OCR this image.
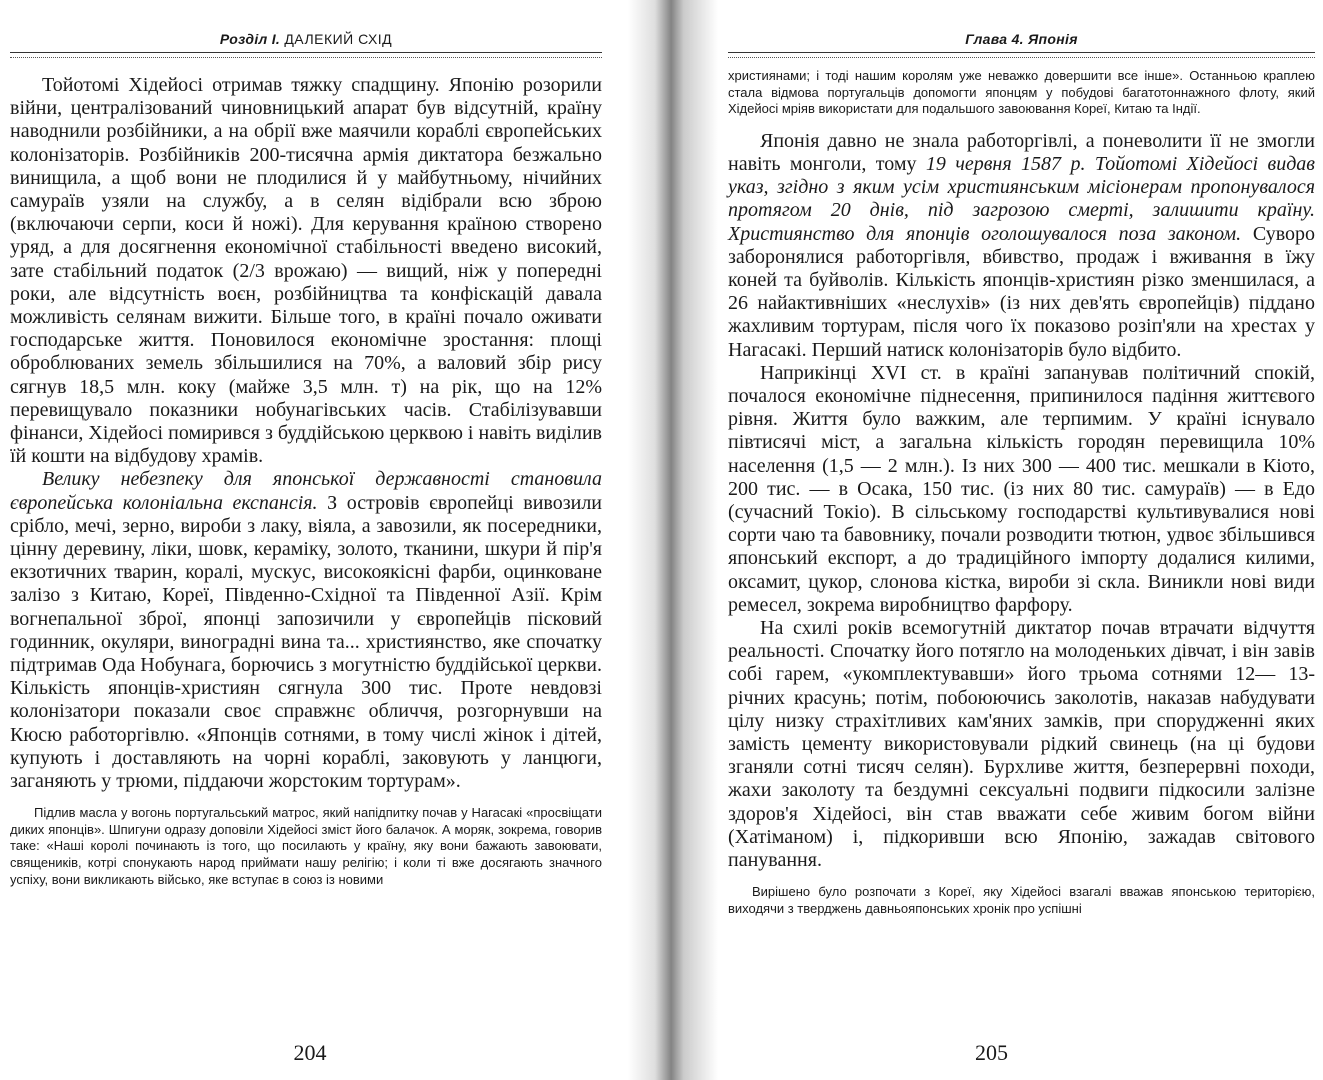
Розділ І. ДАЛЕКИЙ СХІД

Тойотомі Хідейосі отримав тяжку спадщину. Японію розорили війни, централізований чиновницький апарат був відсутній, країну наводнили розбійники, а на обрії вже маячили кораблі європейських колонізаторів. Розбійників 200-тисячна армія диктатора безжально винищила, а щоб вони не плодилися й у майбутньому, нічийних самураїв узяли на службу, а в селян відібрали всю зброю (включаючи серпи, коси й ножі). Для керування країною створено уряд, а для досягнення економічної стабільності введено високий, зате стабільний податок (2/3 врожаю) — вищий, ніж у попередні роки, але відсутність воєн, розбійництва та конфіскацій давала можливість селянам вижити. Більше того, в країні почало оживати господарське життя. Поновилося економічне зростання: площі оброблюваних земель збільшилися на 70%, а валовий збір рису сягнув 18,5 млн. коку (майже 3,5 млн. т) на рік, що на 12% перевищувало показники нобунагівських часів. Стабілізувавши фінанси, Хідейосі помирився з буддійською церквою і навіть виділив їй кошти на відбудову храмів.

Велику небезпеку для японської державності становила європейська колоніальна експансія. З островів європейці вивозили срібло, мечі, зерно, вироби з лаку, віяла, а завозили, як посередники, цінну деревину, ліки, шовк, кераміку, золото, тканини, шкури й пір'я екзотичних тварин, коралі, мускус, високоякісні фарби, оцинковане залізо з Китаю, Кореї, Південно-Східної та Південної Азії. Крім вогнепальної зброї, японці запозичили у європейців пісковий годинник, окуляри, виноградні вина та... християнство, яке спочатку підтримав Ода Нобунага, борючись з могутністю буддійської церкви. Кількість японців-християн сягнула 300 тис. Проте невдовзі колонізатори показали своє справжнє обличчя, розгорнувши на Кюсю работоргівлю. «Японців сотнями, в тому числі жінок і дітей, купують і доставляють на чорні кораблі, заковують у ланцюги, заганяють у трюми, піддаючи жорстоким тортурам».

Підлив масла у вогонь португальський матрос, який напідпитку почав у Нагасакі «просвіщати диких японців». Шпигуни одразу доповіли Хідейосі зміст його балачок. А моряк, зокрема, говорив таке: «Наші королі починають із того, що посилають у країну, яку вони бажають завоювати, священиків, котрі спонукають народ приймати нашу релігію; і коли ті вже досягають значного успіху, вони викликають військо, яке вступає в союз із новими

204
Глава 4. Японія

християнами; і тоді нашим королям уже неважко довершити все інше». Останньою краплею стала відмова португальців допомогти японцям у побудові багатотоннажного флоту, який Хідейосі мріяв використати для подальшого завоювання Кореї, Китаю та Індії.

Японія давно не знала работоргівлі, а поневолити її не змогли навіть монголи, тому 19 червня 1587 р. Тойотомі Хідейосі видав указ, згідно з яким усім християнським місіонерам пропонувалося протягом 20 днів, під загрозою смерті, залишити країну. Християнство для японців оголошувалося поза законом. Суворо заборонялися работоргівля, вбивство, продаж і вживання в їжу коней та буйволів. Кількість японців-християн різко зменшилася, а 26 найактивніших «неслухів» (із них дев'ять європейців) піддано жахливим тортурам, після чого їх показово розіп'яли на хрестах у Нагасакі. Перший натиск колонізаторів було відбито.

Наприкінці XVI ст. в країні запанував політичний спокій, почалося економічне піднесення, припинилося падіння життєвого рівня. Життя було важким, але терпимим. У країні існувало півтисячі міст, а загальна кількість городян перевищила 10% населення (1,5 — 2 млн.). Із них 300 — 400 тис. мешкали в Кіото, 200 тис. — в Осака, 150 тис. (із них 80 тис. самураїв) — в Едо (сучасний Токіо). В сільському господарстві культивувалися нові сорти чаю та бавовнику, почали розводити тютюн, удвоє збільшився японський експорт, а до традиційного імпорту додалися килими, оксамит, цукор, слонова кістка, вироби зі скла. Виникли нові види ремесел, зокрема виробництво фарфору.

На схилі років всемогутній диктатор почав втрачати відчуття реальності. Спочатку його потягло на молоденьких дівчат, і він завів собі гарем, «укомплектувавши» його трьома сотнями 12— 13-річних красунь; потім, побоюючись заколотів, наказав набудувати цілу низку страхітливих кам'яних замків, при спорудженні яких замість цементу використовували рідкий свинець (на ці будови зганяли сотні тисяч селян). Бурхливе життя, безперервні походи, жахи заколоту та бездумні сексуальні подвиги підкосили залізне здоров'я Хідейосі, він став вважати себе живим богом війни (Хатіманом) і, підкоривши всю Японію, зажадав світового панування.

Вирішено було розпочати з Кореї, яку Хідейосі взагалі вважав японською територією, виходячи з тверджень давньояпонських хронік про успішні

205
